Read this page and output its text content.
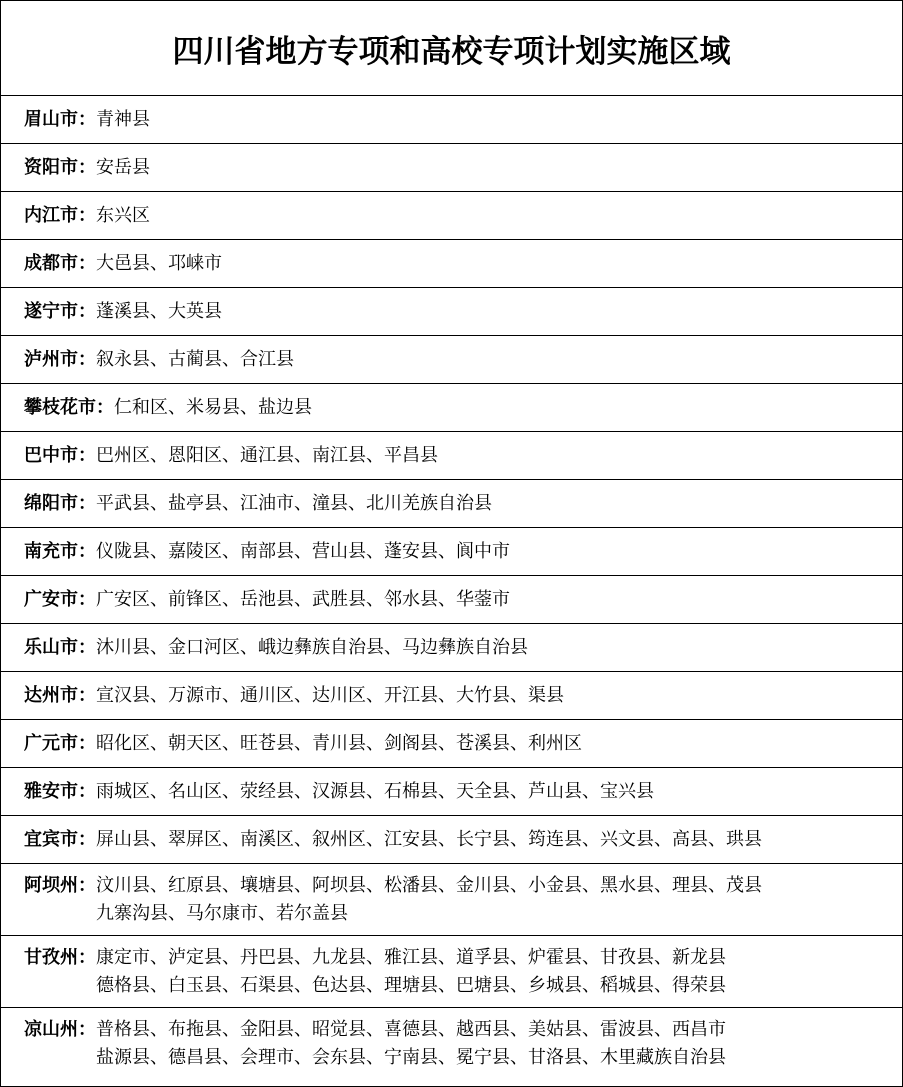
四川省地方专项和高校专项计划实施区域
眉山市： 青神县
资阳市： 安岳县
内江市： 东兴区
成都市： 大邑县、邛崃市
遂宁市： 蓬溪县、大英县
泸州市： 叙永县、古蔺县、合江县
攀枝花市： 仁和区、米易县、盐边县
巴中市： 巴州区、恩阳区、通江县、南江县、平昌县
绵阳市： 平武县、盐亭县、江油市、潼县、北川羌族自治县
南充市： 仪陇县、嘉陵区、南部县、营山县、蓬安县、阆中市
广安市： 广安区、前锋区、岳池县、武胜县、邻水县、华蓥市
乐山市： 沐川县、金口河区、峨边彝族自治县、马边彝族自治县
达州市： 宣汉县、万源市、通川区、达川区、开江县、大竹县、渠县
广元市： 昭化区、朝天区、旺苍县、青川县、剑阁县、苍溪县、利州区
雅安市： 雨城区、名山区、荥经县、汉源县、石棉县、天全县、芦山县、宝兴县
宜宾市： 屏山县、翠屏区、南溪区、叙州区、江安县、长宁县、筠连县、兴文县、高县、珙县
阿坝州： 汶川县、红原县、壤塘县、阿坝县、松潘县、金川县、小金县、黑水县、理县、茂县
九寨沟县、马尔康市、若尔盖县
甘孜州： 康定市、泸定县、丹巴县、九龙县、雅江县、道孚县、炉霍县、甘孜县、新龙县
德格县、白玉县、石渠县、色达县、理塘县、巴塘县、乡城县、稻城县、得荣县
凉山州： 普格县、布拖县、金阳县、昭觉县、喜德县、越西县、美姑县、雷波县、西昌市
盐源县、德昌县、会理市、会东县、宁南县、冕宁县、甘洛县、木里藏族自治县
